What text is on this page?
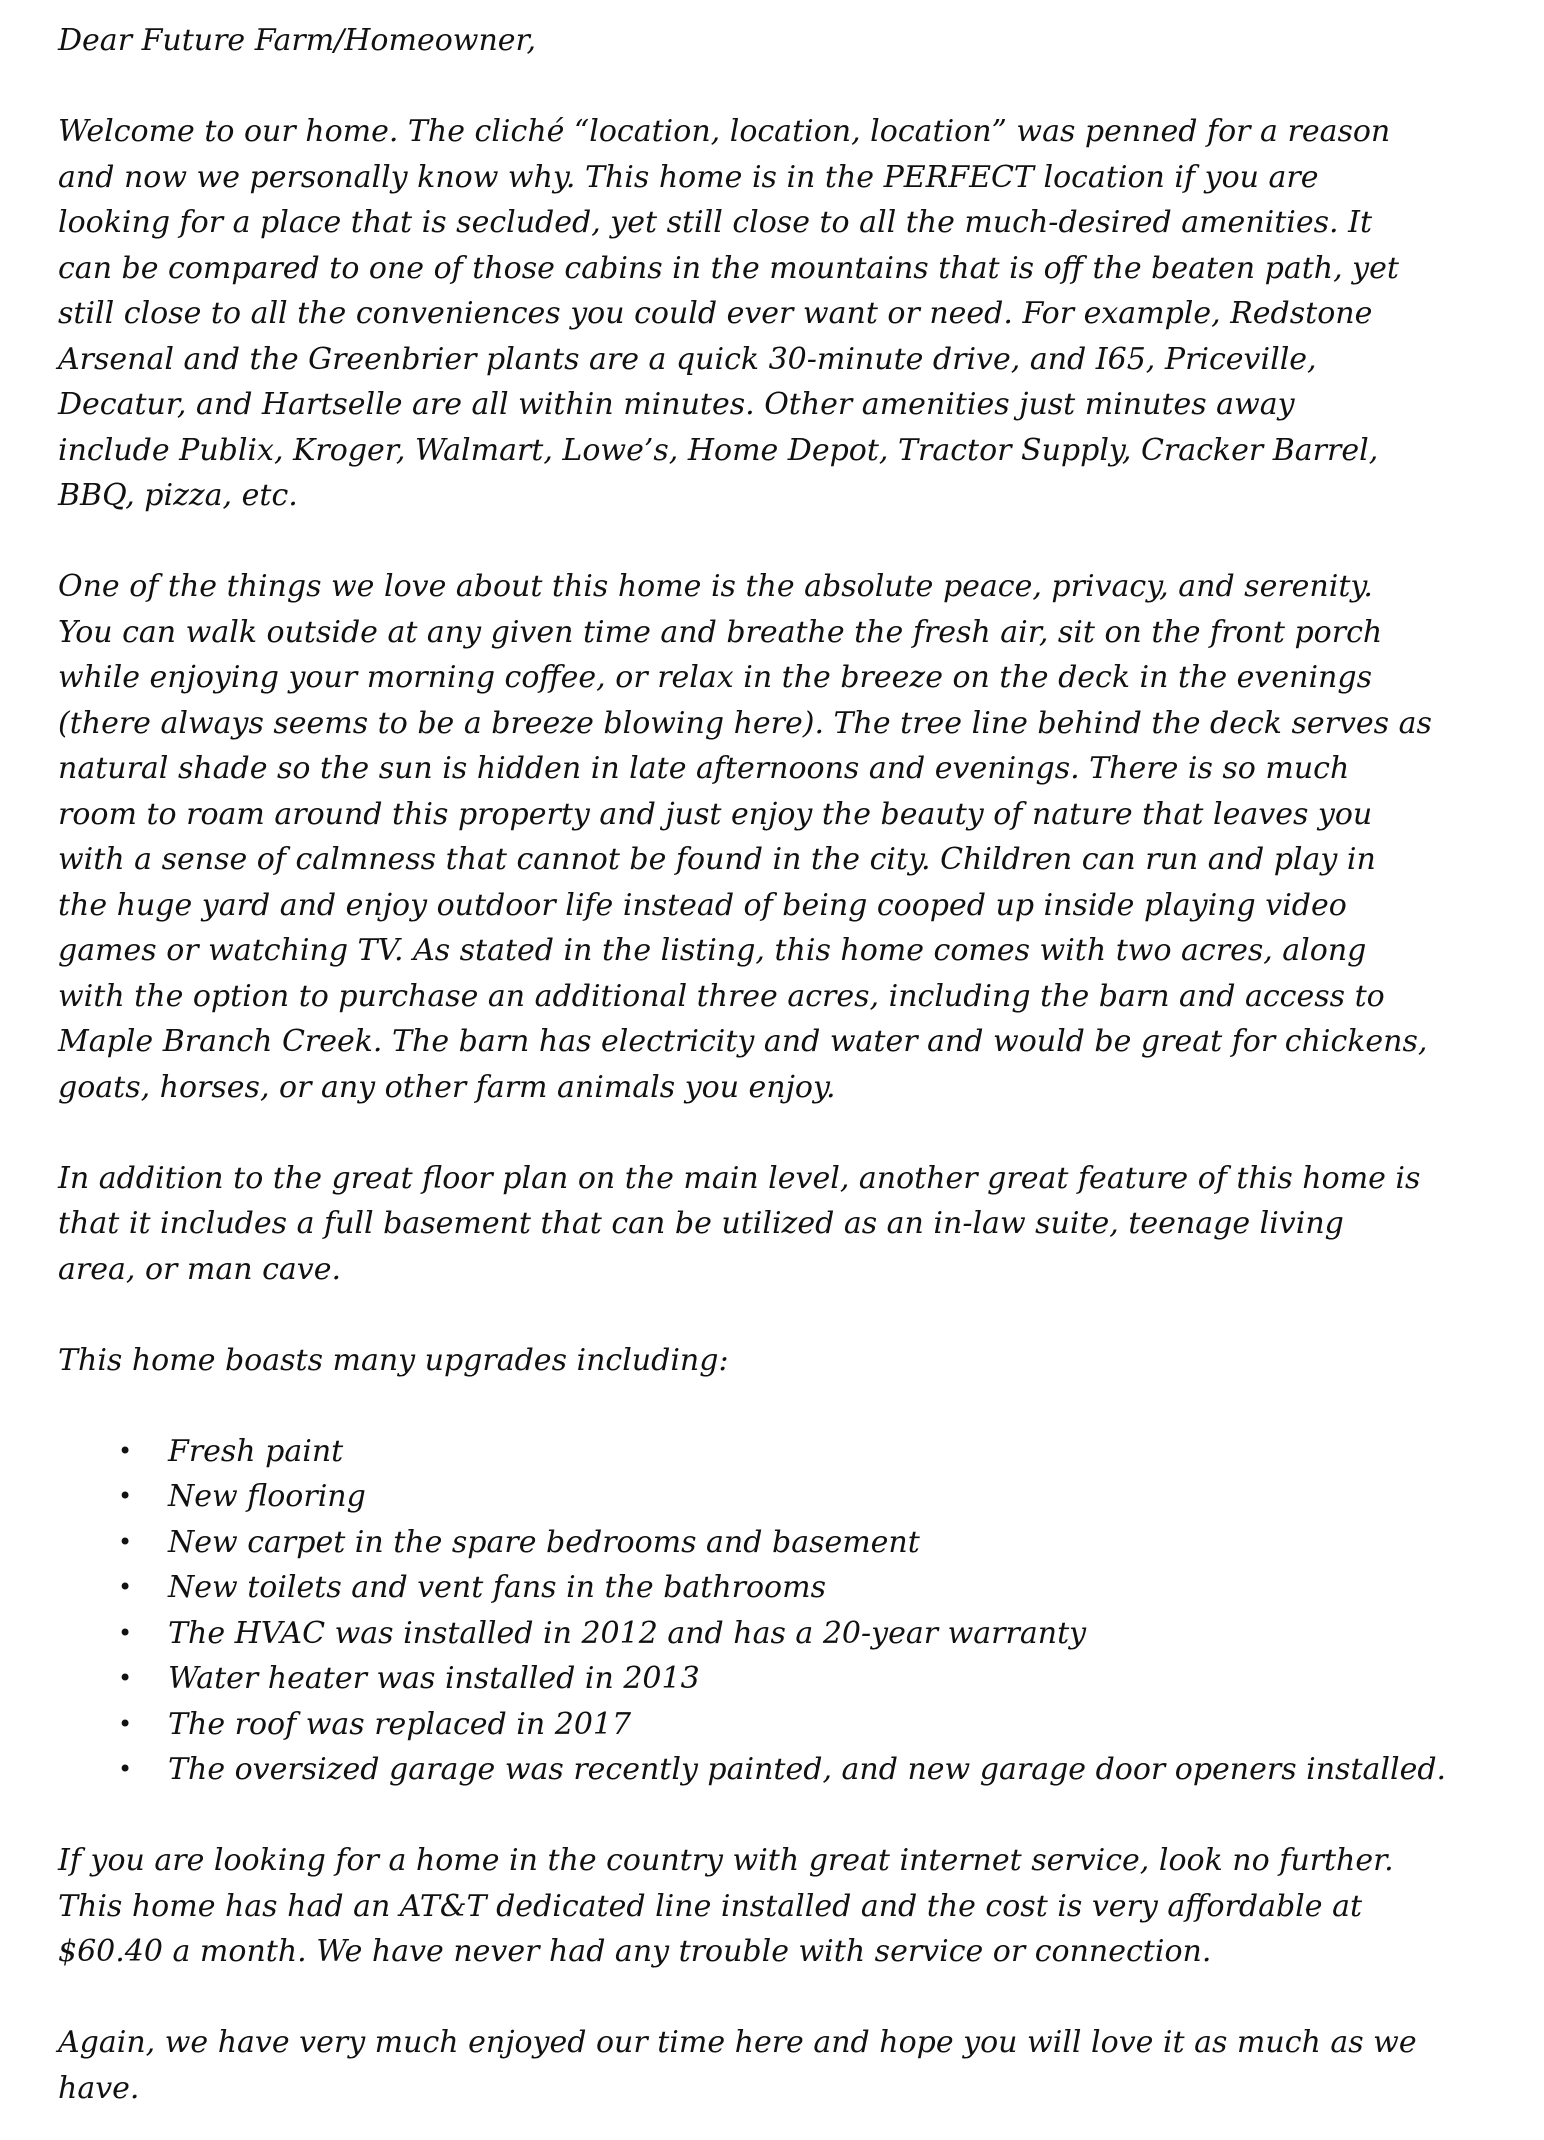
Dear Future Farm/Homeowner,

Welcome to our home. The cliché “location, location, location” was penned for a reason
and now we personally know why. This home is in the PERFECT location if you are
looking for a place that is secluded, yet still close to all the much-desired amenities. It
can be compared to one of those cabins in the mountains that is off the beaten path, yet
still close to all the conveniences you could ever want or need. For example, Redstone
Arsenal and the Greenbrier plants are a quick 30-minute drive, and I65, Priceville,
Decatur, and Hartselle are all within minutes. Other amenities just minutes away
include Publix, Kroger, Walmart, Lowe’s, Home Depot, Tractor Supply, Cracker Barrel,
BBQ, pizza, etc.

One of the things we love about this home is the absolute peace, privacy, and serenity.
You can walk outside at any given time and breathe the fresh air, sit on the front porch
while enjoying your morning coffee, or relax in the breeze on the deck in the evenings
(there always seems to be a breeze blowing here). The tree line behind the deck serves as
natural shade so the sun is hidden in late afternoons and evenings. There is so much
room to roam around this property and just enjoy the beauty of nature that leaves you
with a sense of calmness that cannot be found in the city. Children can run and play in
the huge yard and enjoy outdoor life instead of being cooped up inside playing video
games or watching TV. As stated in the listing, this home comes with two acres, along
with the option to purchase an additional three acres, including the barn and access to
Maple Branch Creek. The barn has electricity and water and would be great for chickens,
goats, horses, or any other farm animals you enjoy.

In addition to the great floor plan on the main level, another great feature of this home is
that it includes a full basement that can be utilized as an in-law suite, teenage living
area, or man cave.

This home boasts many upgrades including:

• Fresh paint
• New flooring
• New carpet in the spare bedrooms and basement
• New toilets and vent fans in the bathrooms
• The HVAC was installed in 2012 and has a 20-year warranty
• Water heater was installed in 2013
• The roof was replaced in 2017
• The oversized garage was recently painted, and new garage door openers installed.

If you are looking for a home in the country with great internet service, look no further.
This home has had an AT&T dedicated line installed and the cost is very affordable at
$60.40 a month. We have never had any trouble with service or connection.

Again, we have very much enjoyed our time here and hope you will love it as much as we
have.
